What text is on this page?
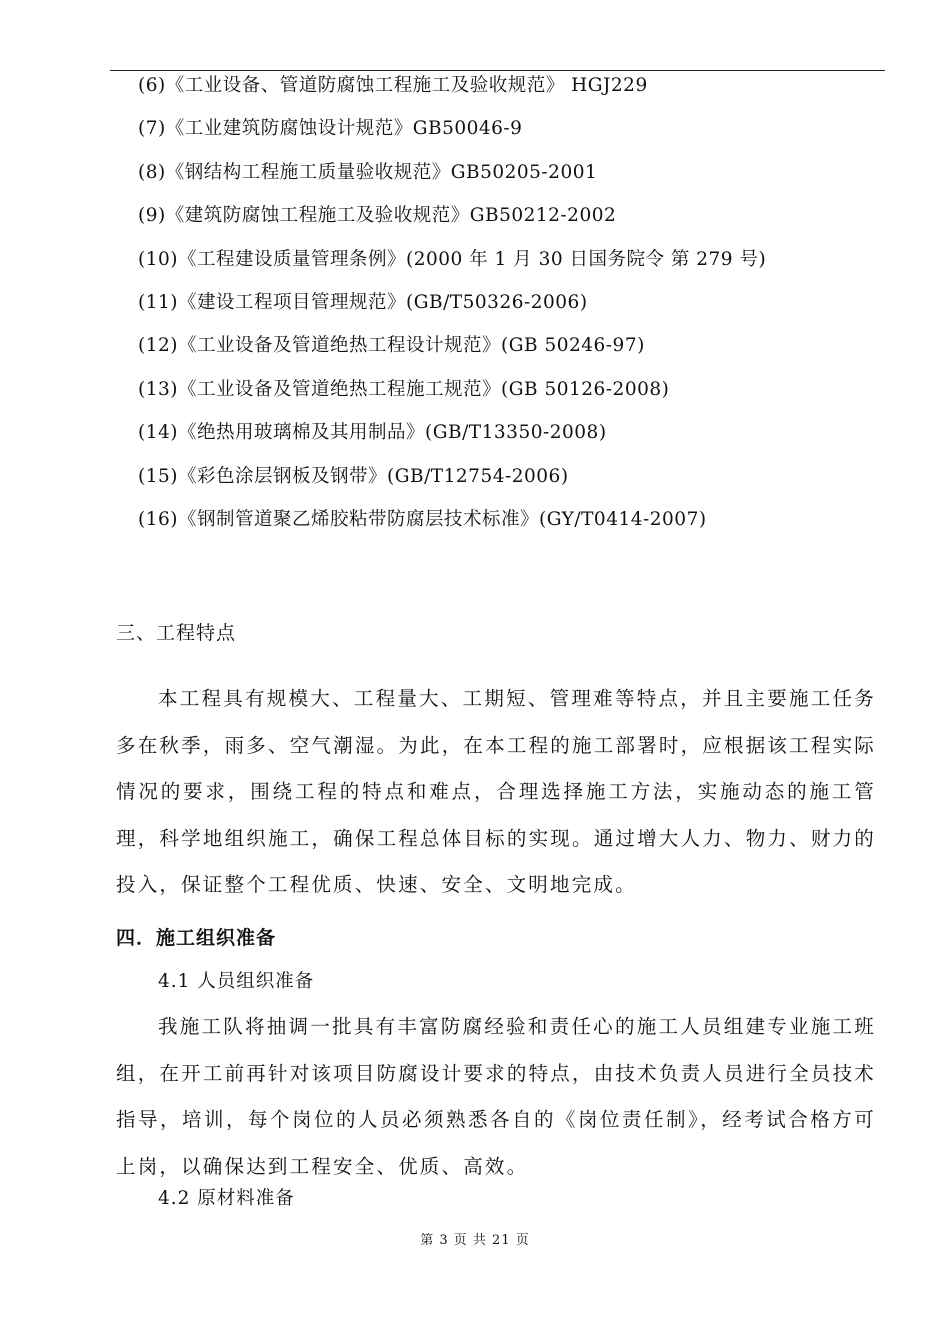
(6)《工业设备、管道防腐蚀工程施工及验收规范》 HGJ229
(7)《工业建筑防腐蚀设计规范》GB50046-9
(8)《钢结构工程施工质量验收规范》GB50205-2001
(9)《建筑防腐蚀工程施工及验收规范》GB50212-2002
(10)《工程建设质量管理条例》(2000 年 1 月 30 日国务院令 第 279 号)
(11)《建设工程项目管理规范》(GB/T50326-2006)
(12)《工业设备及管道绝热工程设计规范》(GB 50246-97)
(13)《工业设备及管道绝热工程施工规范》(GB 50126-2008)
(14)《绝热用玻璃棉及其用制品》(GB/T13350-2008)
(15)《彩色涂层钢板及钢带》(GB/T12754-2006)
(16)《钢制管道聚乙烯胶粘带防腐层技术标准》(GY/T0414-2007)
三、工程特点

本工程具有规模大、工程量大、工期短、管理难等特点，并且主要施工任务多在秋季，雨多、空气潮湿。为此，在本工程的施工部署时，应根据该工程实际情况的要求，围绕工程的特点和难点，合理选择施工方法，实施动态的施工管理，科学地组织施工，确保工程总体目标的实现。通过增大人力、物力、财力的投入，保证整个工程优质、快速、安全、文明地完成。

四．施工组织准备
4.1 人员组织准备

我施工队将抽调一批具有丰富防腐经验和责任心的施工人员组建专业施工班组，在开工前再针对该项目防腐设计要求的特点，由技术负责人员进行全员技术指导，培训，每个岗位的人员必须熟悉各自的《岗位责任制》，经考试合格方可上岗，以确保达到工程安全、优质、高效。

4.2 原材料准备
第 3 页 共 21 页
